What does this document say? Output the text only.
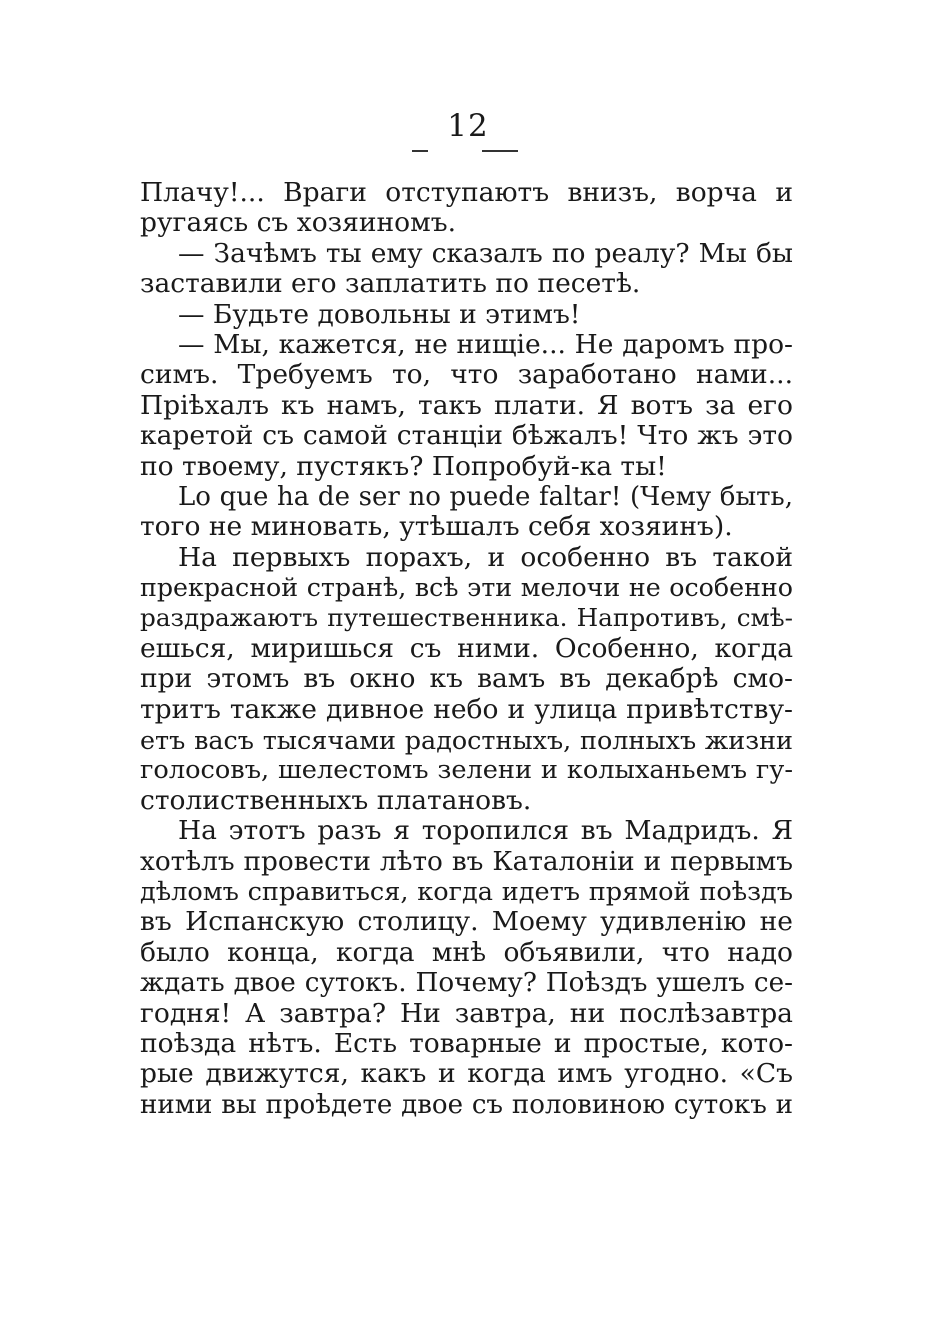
12
Плачу!... Враги отступаютъ внизъ, ворча и
ругаясь съ хозяиномъ.
— Зачѣмъ ты ему сказалъ по реалу? Мы бы
заставили его заплатить по песетѣ.
— Будьте довольны и этимъ!
— Мы, кажется, не нищіе... Не даромъ про-
симъ. Требуемъ то, что заработано нами...
Пріѣхалъ къ намъ, такъ плати. Я вотъ за его
каретой съ самой станціи бѣжалъ! Что жъ это
по твоему, пустякъ? Попробуй-ка ты!
Lo que ha de ser no puede faltar! (Чему быть,
того не миновать, утѣшалъ себя хозяинъ).
На первыхъ порахъ, и особенно въ такой
прекрасной странѣ, всѣ эти мелочи не особенно
раздражаютъ путешественника. Напротивъ, смѣ-
ешься, миришься съ ними. Особенно, когда
при этомъ въ окно къ вамъ въ декабрѣ смо-
тритъ также дивное небо и улица привѣтству-
етъ васъ тысячами радостныхъ, полныхъ жизни
голосовъ, шелестомъ зелени и колыханьемъ гу-
столиственныхъ платановъ.
На этотъ разъ я торопился въ Мадридъ. Я
хотѣлъ провести лѣто въ Каталоніи и первымъ
дѣломъ справиться, когда идетъ прямой поѣздъ
въ Испанскую столицу. Моему удивленію не
было конца, когда мнѣ объявили, что надо
ждать двое сутокъ. Почему? Поѣздъ ушелъ се-
годня! А завтра? Ни завтра, ни послѣзавтра
поѣзда нѣтъ. Есть товарные и простые, кото-
рые движутся, какъ и когда имъ угодно. «Съ
ними вы проѣдете двое съ половиною сутокъ и
